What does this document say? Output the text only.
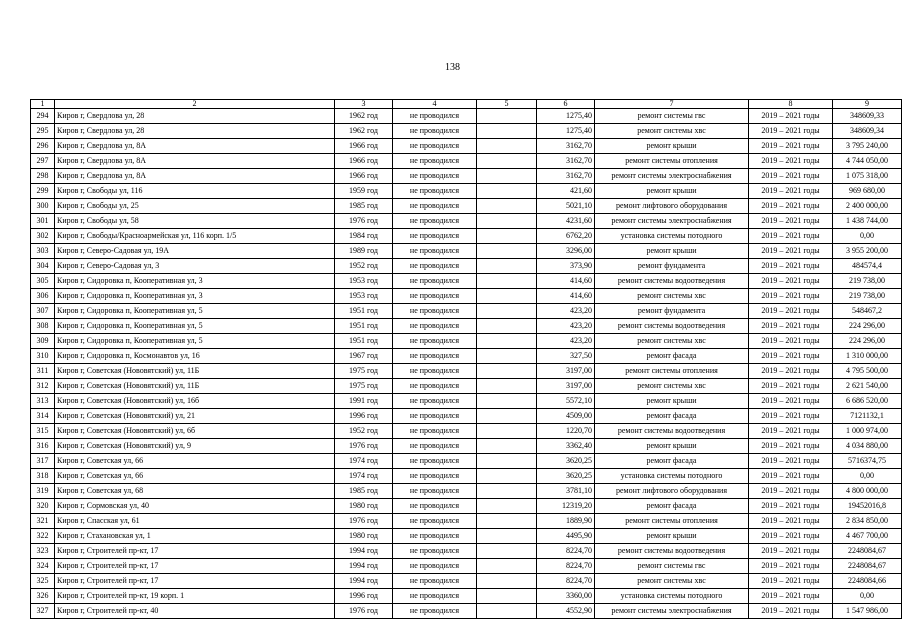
138
1	2	3	4	5	6	7	8	9
294	Киров г, Свердлова ул, 28	1962 год	не проводился		1275,40	ремонт системы гвс	2019 – 2021 годы	348609,33
295	Киров г, Свердлова ул, 28	1962 год	не проводился		1275,40	ремонт системы хвс	2019 – 2021 годы	348609,34
296	Киров г, Свердлова ул, 8А	1966 год	не проводился		3162,70	ремонт крыши	2019 – 2021 годы	3 795 240,00
297	Киров г, Свердлова ул, 8А	1966 год	не проводился		3162,70	ремонт системы отопления	2019 – 2021 годы	4 744 050,00
298	Киров г, Свердлова ул, 8А	1966 год	не проводился		3162,70	ремонт системы электроснабжения	2019 – 2021 годы	1 075 318,00
299	Киров г, Свободы ул, 116	1959 год	не проводился		421,60	ремонт крыши	2019 – 2021 годы	969 680,00
300	Киров г, Свободы ул, 25	1985 год	не проводился		5021,10	ремонт лифтового оборудования	2019 – 2021 годы	2 400 000,00
301	Киров г, Свободы ул, 58	1976 год	не проводился		4231,60	ремонт системы электроснабжения	2019 – 2021 годы	1 438 744,00
302	Киров г, Свободы/Красноармейская ул, 116 корп. 1/5	1984 год	не проводился		6762,20	установка системы потодного	2019 – 2021 годы	0,00
303	Киров г, Северо-Садовая ул, 19А	1989 год	не проводился		3296,00	ремонт крыши	2019 – 2021 годы	3 955 200,00
304	Киров г, Северо-Садовая ул, 3	1952 год	не проводился		373,90	ремонт фундамента	2019 – 2021 годы	484574,4
305	Киров г, Сидоровка п, Кооперативная ул, 3	1953 год	не проводился		414,60	ремонт системы водоотведения	2019 – 2021 годы	219 738,00
306	Киров г, Сидоровка п, Кооперативная ул, 3	1953 год	не проводился		414,60	ремонт системы хвс	2019 – 2021 годы	219 738,00
307	Киров г, Сидоровка п, Кооперативная ул, 5	1951 год	не проводился		423,20	ремонт фундамента	2019 – 2021 годы	548467,2
308	Киров г, Сидоровка п, Кооперативная ул, 5	1951 год	не проводился		423,20	ремонт системы водоотведения	2019 – 2021 годы	224 296,00
309	Киров г, Сидоровка п, Кооперативная ул, 5	1951 год	не проводился		423,20	ремонт системы хвс	2019 – 2021 годы	224 296,00
310	Киров г, Сидоровка п, Космонавтов ул, 16	1967 год	не проводился		327,50	ремонт фасада	2019 – 2021 годы	1 310 000,00
311	Киров г, Советская (Нововятский) ул, 11Б	1975 год	не проводился		3197,00	ремонт системы отопления	2019 – 2021 годы	4 795 500,00
312	Киров г, Советская (Нововятский) ул, 11Б	1975 год	не проводился		3197,00	ремонт системы хвс	2019 – 2021 годы	2 621 540,00
313	Киров г, Советская (Нововятский) ул, 16б	1991 год	не проводился		5572,10	ремонт крыши	2019 – 2021 годы	6 686 520,00
314	Киров г, Советская (Нововятский) ул, 21	1996 год	не проводился		4509,00	ремонт фасада	2019 – 2021 годы	7121132,1
315	Киров г, Советская (Нововятский) ул, 6б	1952 год	не проводился		1220,70	ремонт системы водоотведения	2019 – 2021 годы	1 000 974,00
316	Киров г, Советская (Нововятский) ул, 9	1976 год	не проводился		3362,40	ремонт крыши	2019 – 2021 годы	4 034 880,00
317	Киров г, Советская ул, 66	1974 год	не проводился		3620,25	ремонт фасада	2019 – 2021 годы	5716374,75
318	Киров г, Советская ул, 66	1974 год	не проводился		3620,25	установка системы потодного	2019 – 2021 годы	0,00
319	Киров г, Советская ул, 68	1985 год	не проводился		3781,10	ремонт лифтового оборудования	2019 – 2021 годы	4 800 000,00
320	Киров г, Сормовская ул, 40	1980 год	не проводился		12319,20	ремонт фасада	2019 – 2021 годы	19452016,8
321	Киров г, Спасская ул, 61	1976 год	не проводился		1889,90	ремонт системы отопления	2019 – 2021 годы	2 834 850,00
322	Киров г, Стахановская ул, 1	1980 год	не проводился		4495,90	ремонт крыши	2019 – 2021 годы	4 467 700,00
323	Киров г, Строителей пр-кт, 17	1994 год	не проводился		8224,70	ремонт системы водоотведения	2019 – 2021 годы	2248084,67
324	Киров г, Строителей пр-кт, 17	1994 год	не проводился		8224,70	ремонт системы гвс	2019 – 2021 годы	2248084,67
325	Киров г, Строителей пр-кт, 17	1994 год	не проводился		8224,70	ремонт системы хвс	2019 – 2021 годы	2248084,66
326	Киров г, Строителей пр-кт, 19 корп. 1	1996 год	не проводился		3360,00	установка системы потодного	2019 – 2021 годы	0,00
327	Киров г, Строителей пр-кт, 40	1976 год	не проводился		4552,90	ремонт системы электроснабжения	2019 – 2021 годы	1 547 986,00
